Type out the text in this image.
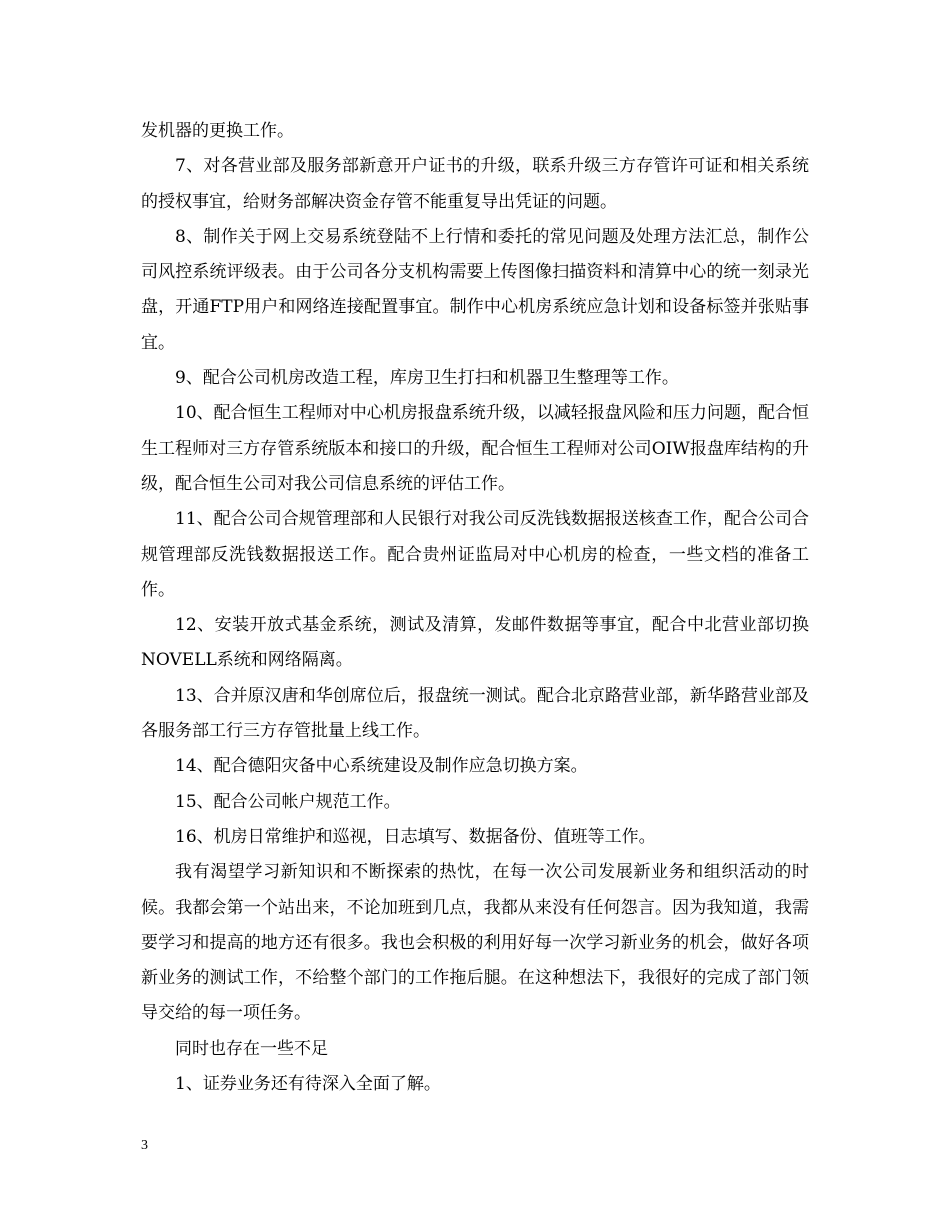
发机器的更换工作。

7、对各营业部及服务部新意开户证书的升级，联系升级三方存管许可证和相关系统的授权事宜，给财务部解决资金存管不能重复导出凭证的问题。

8、制作关于网上交易系统登陆不上行情和委托的常见问题及处理方法汇总，制作公司风控系统评级表。由于公司各分支机构需要上传图像扫描资料和清算中心的统一刻录光盘，开通FTP用户和网络连接配置事宜。制作中心机房系统应急计划和设备标签并张贴事宜。

9、配合公司机房改造工程，库房卫生打扫和机器卫生整理等工作。

10、配合恒生工程师对中心机房报盘系统升级，以减轻报盘风险和压力问题，配合恒生工程师对三方存管系统版本和接口的升级，配合恒生工程师对公司OIW报盘库结构的升级，配合恒生公司对我公司信息系统的评估工作。

11、配合公司合规管理部和人民银行对我公司反洗钱数据报送核查工作，配合公司合规管理部反洗钱数据报送工作。配合贵州证监局对中心机房的检查，一些文档的准备工作。

12、安装开放式基金系统，测试及清算，发邮件数据等事宜，配合中北营业部切换NOVELL系统和网络隔离。

13、合并原汉唐和华创席位后，报盘统一测试。配合北京路营业部，新华路营业部及各服务部工行三方存管批量上线工作。

14、配合德阳灾备中心系统建设及制作应急切换方案。

15、配合公司帐户规范工作。

16、机房日常维护和巡视，日志填写、数据备份、值班等工作。

我有渴望学习新知识和不断探索的热忱，在每一次公司发展新业务和组织活动的时候。我都会第一个站出来，不论加班到几点，我都从来没有任何怨言。因为我知道，我需要学习和提高的地方还有很多。我也会积极的利用好每一次学习新业务的机会，做好各项新业务的测试工作，不给整个部门的工作拖后腿。在这种想法下，我很好的完成了部门领导交给的每一项任务。

同时也存在一些不足

1、证券业务还有待深入全面了解。

3
